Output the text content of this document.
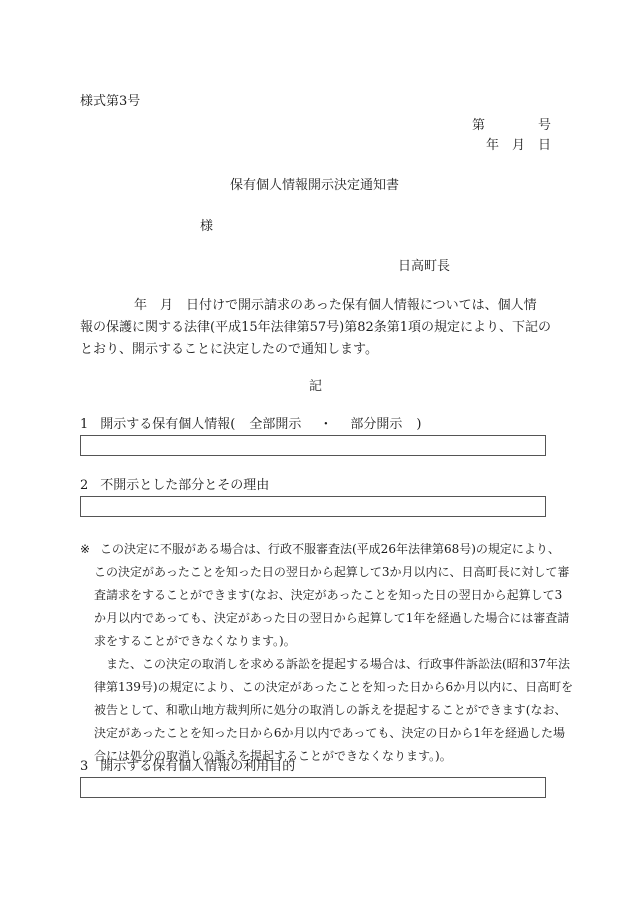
様式第3号
第	号
年 月 日
保有個人情報開示決定通知書
様
日高町長
年　月　日付けで開示請求のあった保有個人情報については、個人情
報の保護に関する法律(平成15年法律第57号)第82条第1項の規定により、下記の
とおり、開示することに決定したので通知します。
記
1 開示する保有個人情報( 全部開示 ・ 部分開示 )
2 不開示とした部分とその理由
※ この決定に不服がある場合は、行政不服審査法(平成26年法律第68号)の規定により、
この決定があったことを知った日の翌日から起算して3か月以内に、日高町長に対して審
査請求をすることができます(なお、決定があったことを知った日の翌日から起算して3
か月以内であっても、決定があった日の翌日から起算して1年を経過した場合には審査請
求をすることができなくなります。)。
また、この決定の取消しを求める訴訟を提起する場合は、行政事件訴訟法(昭和37年法
律第139号)の規定により、この決定があったことを知った日から6か月以内に、日高町を
被告として、和歌山地方裁判所に処分の取消しの訴えを提起することができます(なお、
決定があったことを知った日から6か月以内であっても、決定の日から1年を経過した場
合には処分の取消しの訴えを提起することができなくなります。)。
3 開示する保有個人情報の利用目的
